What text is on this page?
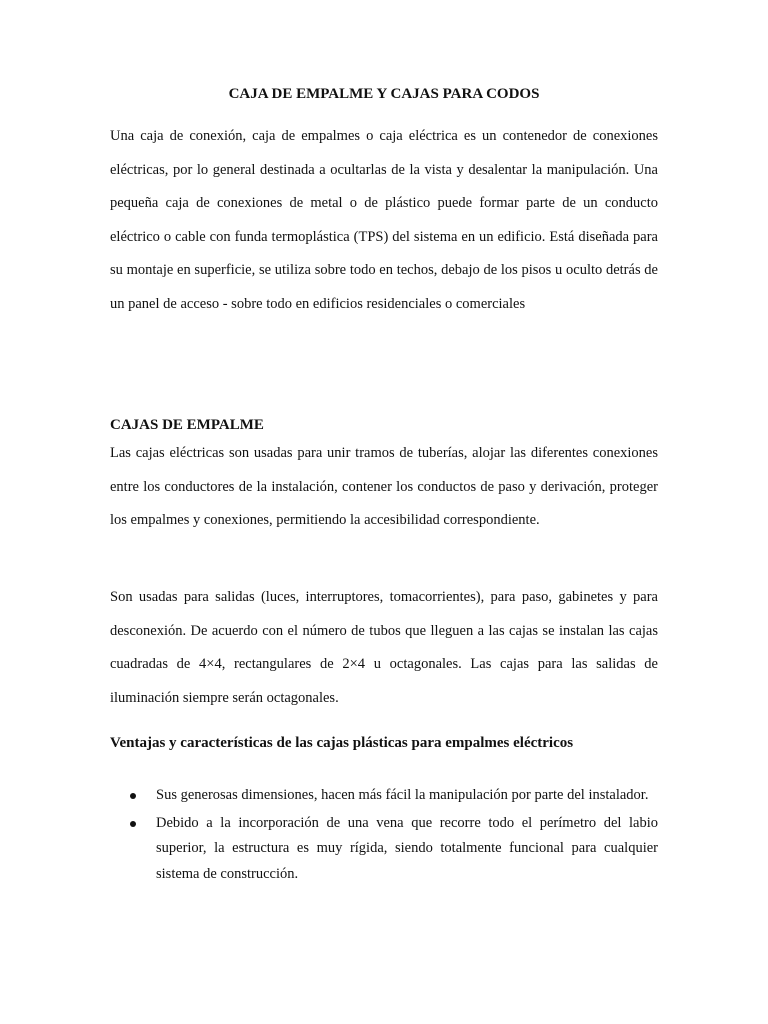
CAJA DE EMPALME Y CAJAS PARA CODOS

Una caja de conexión, caja de empalmes o caja eléctrica es un contenedor de conexiones eléctricas, por lo general destinada a ocultarlas de la vista y desalentar la manipulación. Una pequeña caja de conexiones de metal o de plástico puede formar parte de un conducto eléctrico o cable con funda termoplástica (TPS) del sistema en un edificio. Está diseñada para su montaje en superficie, se utiliza sobre todo en techos, debajo de los pisos u oculto detrás de un panel de acceso - sobre todo en edificios residenciales o comerciales

CAJAS DE EMPALME

Las cajas eléctricas son usadas para unir tramos de tuberías, alojar las diferentes conexiones entre los conductores de la instalación, contener los conductos de paso y derivación, proteger los empalmes y conexiones, permitiendo la accesibilidad correspondiente.

Son usadas para salidas (luces, interruptores, tomacorrientes), para paso, gabinetes y para desconexión. De acuerdo con el número de tubos que lleguen a las cajas se instalan las cajas cuadradas de 4×4, rectangulares de 2×4 u octagonales. Las cajas para las salidas de iluminación siempre serán octagonales.

Ventajas y características de las cajas plásticas para empalmes eléctricos
Sus generosas dimensiones, hacen más fácil la manipulación por parte del instalador.
Debido a la incorporación de una vena que recorre todo el perímetro del labio superior, la estructura es muy rígida, siendo totalmente funcional para cualquier sistema de construcción.
